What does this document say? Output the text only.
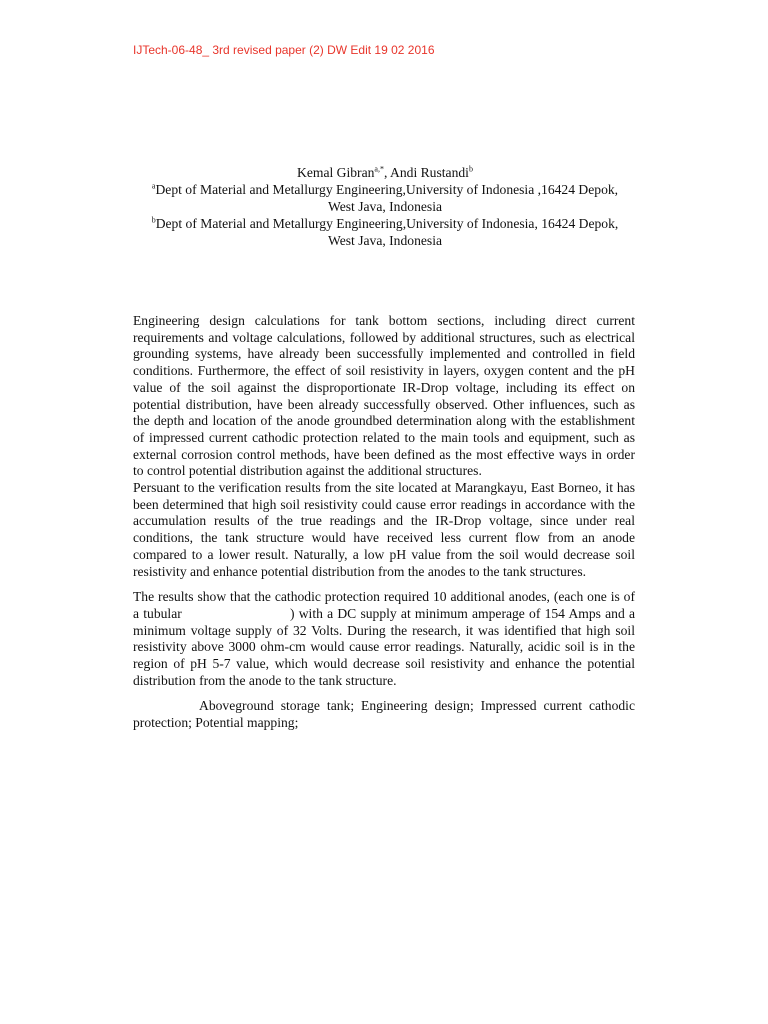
IJTech-06-48_ 3rd revised paper (2) DW Edit 19 02 2016
Kemal Gibran$^{a,*}$, Andi Rustandi$^b$
$^a$Dept of Material and Metallurgy Engineering,University of Indonesia ,16424 Depok,
West Java, Indonesia
$^b$Dept of Material and Metallurgy Engineering,University of Indonesia, 16424 Depok,
West Java, Indonesia

Engineering design calculations for tank bottom sections, including direct current requirements and voltage calculations, followed by additional structures, such as electrical grounding systems, have already been successfully implemented and controlled in field conditions. Furthermore, the effect of soil resistivity in layers, oxygen content and the pH value of the soil against the disproportionate IR-Drop voltage, including its effect on potential distribution, have been already successfully observed. Other influences, such as the depth and location of the anode groundbed determination along with the establishment of impressed current cathodic protection related to the main tools and equipment, such as external corrosion control methods, have been defined as the most effective ways in order to control potential distribution against the additional structures.

Persuant to the verification results from the site located at Marangkayu, East Borneo, it has been determined that high soil resistivity could cause error readings in accordance with the accumulation results of the true readings and the IR-Drop voltage, since under real conditions, the tank structure would have received less current flow from an anode compared to a lower result. Naturally, a low pH value from the soil would decrease soil resistivity and enhance potential distribution from the anodes to the tank structures.

The results show that the cathodic protection required 10 additional anodes, (each one is of a tubular	) with a DC supply at minimum amperage of 154 Amps and a minimum voltage supply of 32 Volts. During the research, it was identified that high soil resistivity above 3000 ohm-cm would cause error readings. Naturally, acidic soil is in the region of pH 5-7 value, which would decrease soil resistivity and enhance the potential distribution from the anode to the tank structure.

Aboveground storage tank; Engineering design; Impressed current cathodic protection; Potential mapping;
